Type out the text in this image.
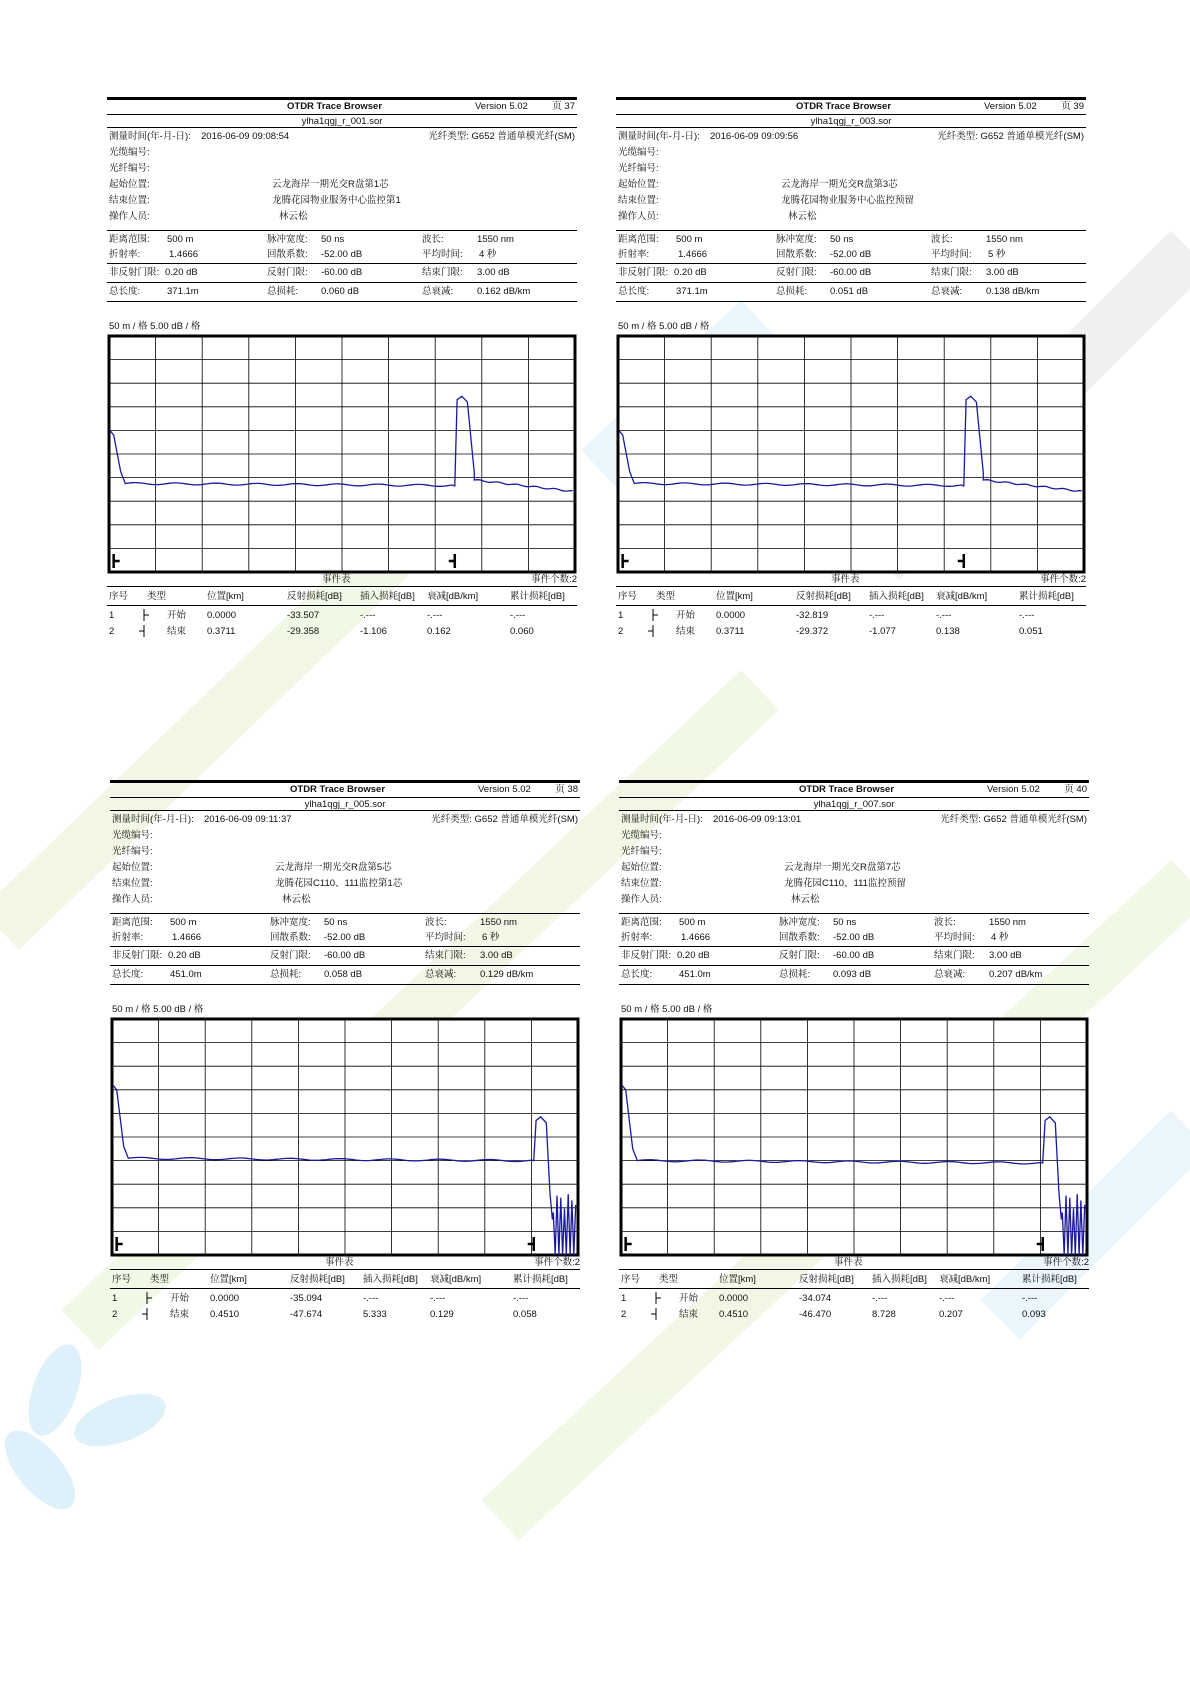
OTDR Trace Browser	Version 5.02	页 37
ylha1qgj_r_001.sor
测量时间(年-月-日): 2016-06-09 09:08:54	光纤类型: G652 普通单模光纤(SM)
光缆编号:
光纤编号:
起始位置:	云龙海岸一期光交R盘第1芯
结束位置:	龙腾花园物业服务中心监控第1
操作人员:	林云松
距离范围: 500 m	脉冲宽度: 50 ns	波长:	1550 nm
折射率:	1.4666	回散系数: -52.00 dB	平均时间: 4 秒
非反射门限: 0.20 dB	反射门限: -60.00 dB	结束门限: 3.00 dB
总长度:	371.1m	总损耗: 0.060 dB	总衰减:	0.162 dB/km
50 m / 格 5.00 dB / 格
事件表	事件个数:2
序号 类型	位置[km]	反射损耗[dB] 插入损耗[dB] 衰减[dB/km]	累计损耗[dB]
1	开始 0.0000	-33.507	-.---	-.---	-.---
2	结束 0.3711	-29.358	-1.106	0.162	0.060
OTDR Trace Browser	Version 5.02	页 39
ylha1qgj_r_003.sor
测量时间(年-月-日): 2016-06-09 09:09:56	光纤类型: G652 普通单模光纤(SM)
光缆编号:
光纤编号:
起始位置:	云龙海岸一期光交R盘第3芯
结束位置:	龙腾花园物业服务中心监控预留
操作人员:	林云松
距离范围: 500 m	脉冲宽度: 50 ns	波长:	1550 nm
折射率:	1.4666	回散系数: -52.00 dB	平均时间: 5 秒
非反射门限: 0.20 dB	反射门限: -60.00 dB	结束门限: 3.00 dB
总长度:	371.1m	总损耗: 0.051 dB	总衰减:	0.138 dB/km
50 m / 格 5.00 dB / 格
事件表	事件个数:2
序号 类型	位置[km]	反射损耗[dB] 插入损耗[dB] 衰减[dB/km]	累计损耗[dB]
1	开始 0.0000	-32.819	-.---	-.---	-.---
2	结束 0.3711	-29.372	-1.077	0.138	0.051
OTDR Trace Browser	Version 5.02	页 38
ylha1qgj_r_005.sor
测量时间(年-月-日): 2016-06-09 09:11:37	光纤类型: G652 普通单模光纤(SM)
光缆编号:
光纤编号:
起始位置:	云龙海岸一期光交R盘第5芯
结束位置:	龙腾花园C110、111监控第1芯
操作人员:	林云松
距离范围: 500 m	脉冲宽度: 50 ns	波长:	1550 nm
折射率:	1.4666	回散系数: -52.00 dB	平均时间: 6 秒
非反射门限: 0.20 dB	反射门限: -60.00 dB	结束门限: 3.00 dB
总长度:	451.0m	总损耗: 0.058 dB	总衰减:	0.129 dB/km
50 m / 格 5.00 dB / 格
事件表	事件个数:2
序号 类型	位置[km]	反射损耗[dB] 插入损耗[dB] 衰减[dB/km]	累计损耗[dB]
1	开始 0.0000	-35.094	-.---	-.---	-.---
2	结束 0.4510	-47.674	5.333	0.129	0.058
OTDR Trace Browser	Version 5.02	页 40
ylha1qgj_r_007.sor
测量时间(年-月-日): 2016-06-09 09:13:01	光纤类型: G652 普通单模光纤(SM)
光缆编号:
光纤编号:
起始位置:	云龙海岸一期光交R盘第7芯
结束位置:	龙腾花园C110、111监控预留
操作人员:	林云松
距离范围: 500 m	脉冲宽度: 50 ns	波长:	1550 nm
折射率:	1.4666	回散系数: -52.00 dB	平均时间: 4 秒
非反射门限: 0.20 dB	反射门限: -60.00 dB	结束门限: 3.00 dB
总长度:	451.0m	总损耗: 0.093 dB	总衰减:	0.207 dB/km
50 m / 格 5.00 dB / 格
事件表	事件个数:2
序号 类型	位置[km]	反射损耗[dB] 插入损耗[dB] 衰减[dB/km]	累计损耗[dB]
1	开始 0.0000	-34.074	-.---	-.---	-.---
2	结束 0.4510	-46.470	8.728	0.207	0.093
